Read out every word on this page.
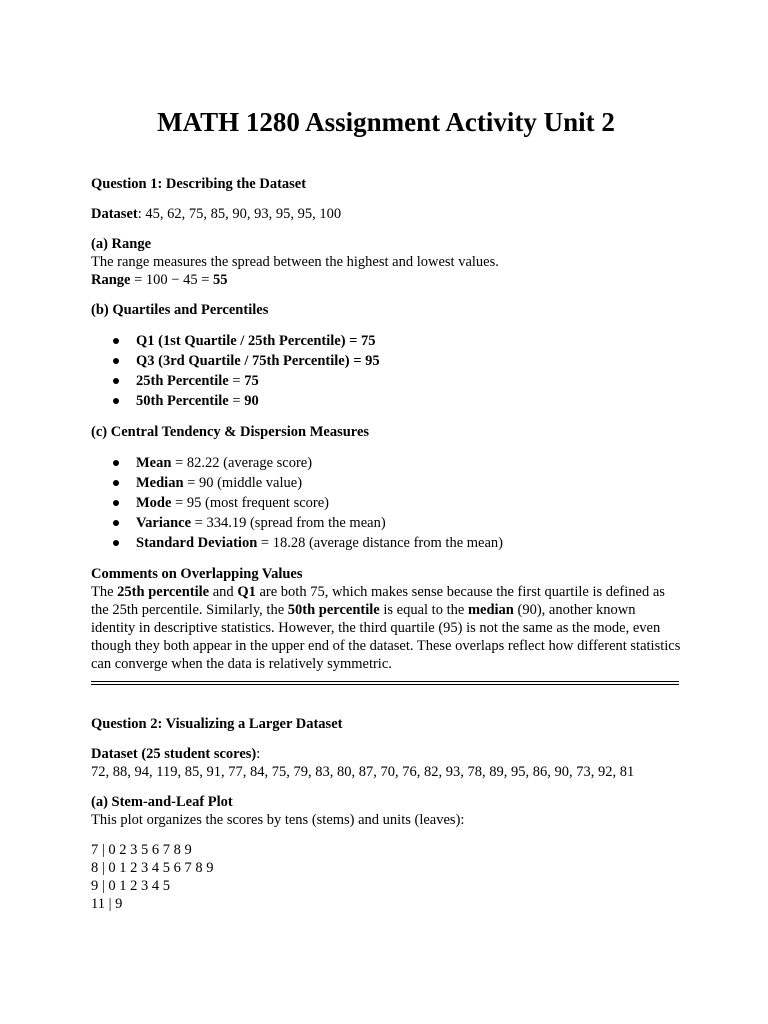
MATH 1280 Assignment Activity Unit 2

Question 1: Describing the Dataset

Dataset: 45, 62, 75, 85, 90, 93, 95, 95, 100

(a) Range

The range measures the spread between the highest and lowest values.

Range = 100 − 45 = 55

(b) Quartiles and Percentiles

Q1 (1st Quartile / 25th Percentile) = 75
Q3 (3rd Quartile / 75th Percentile) = 95
25th Percentile = 75
50th Percentile = 90

(c) Central Tendency & Dispersion Measures

Mean = 82.22 (average score)
Median = 90 (middle value)
Mode = 95 (most frequent score)
Variance = 334.19 (spread from the mean)
Standard Deviation = 18.28 (average distance from the mean)

Comments on Overlapping Values

The 25th percentile and Q1 are both 75, which makes sense because the first quartile is defined as the 25th percentile. Similarly, the 50th percentile is equal to the median (90), another known identity in descriptive statistics. However, the third quartile (95) is not the same as the mode, even though they both appear in the upper end of the dataset. These overlaps reflect how different statistics can converge when the data is relatively symmetric.

Question 2: Visualizing a Larger Dataset

Dataset (25 student scores):

72, 88, 94, 119, 85, 91, 77, 84, 75, 79, 83, 80, 87, 70, 76, 82, 93, 78, 89, 95, 86, 90, 73, 92, 81

(a) Stem-and-Leaf Plot

This plot organizes the scores by tens (stems) and units (leaves):

7 | 0 2 3 5 6 7 8 9

8 | 0 1 2 3 4 5 6 7 8 9

9 | 0 1 2 3 4 5

11 | 9
